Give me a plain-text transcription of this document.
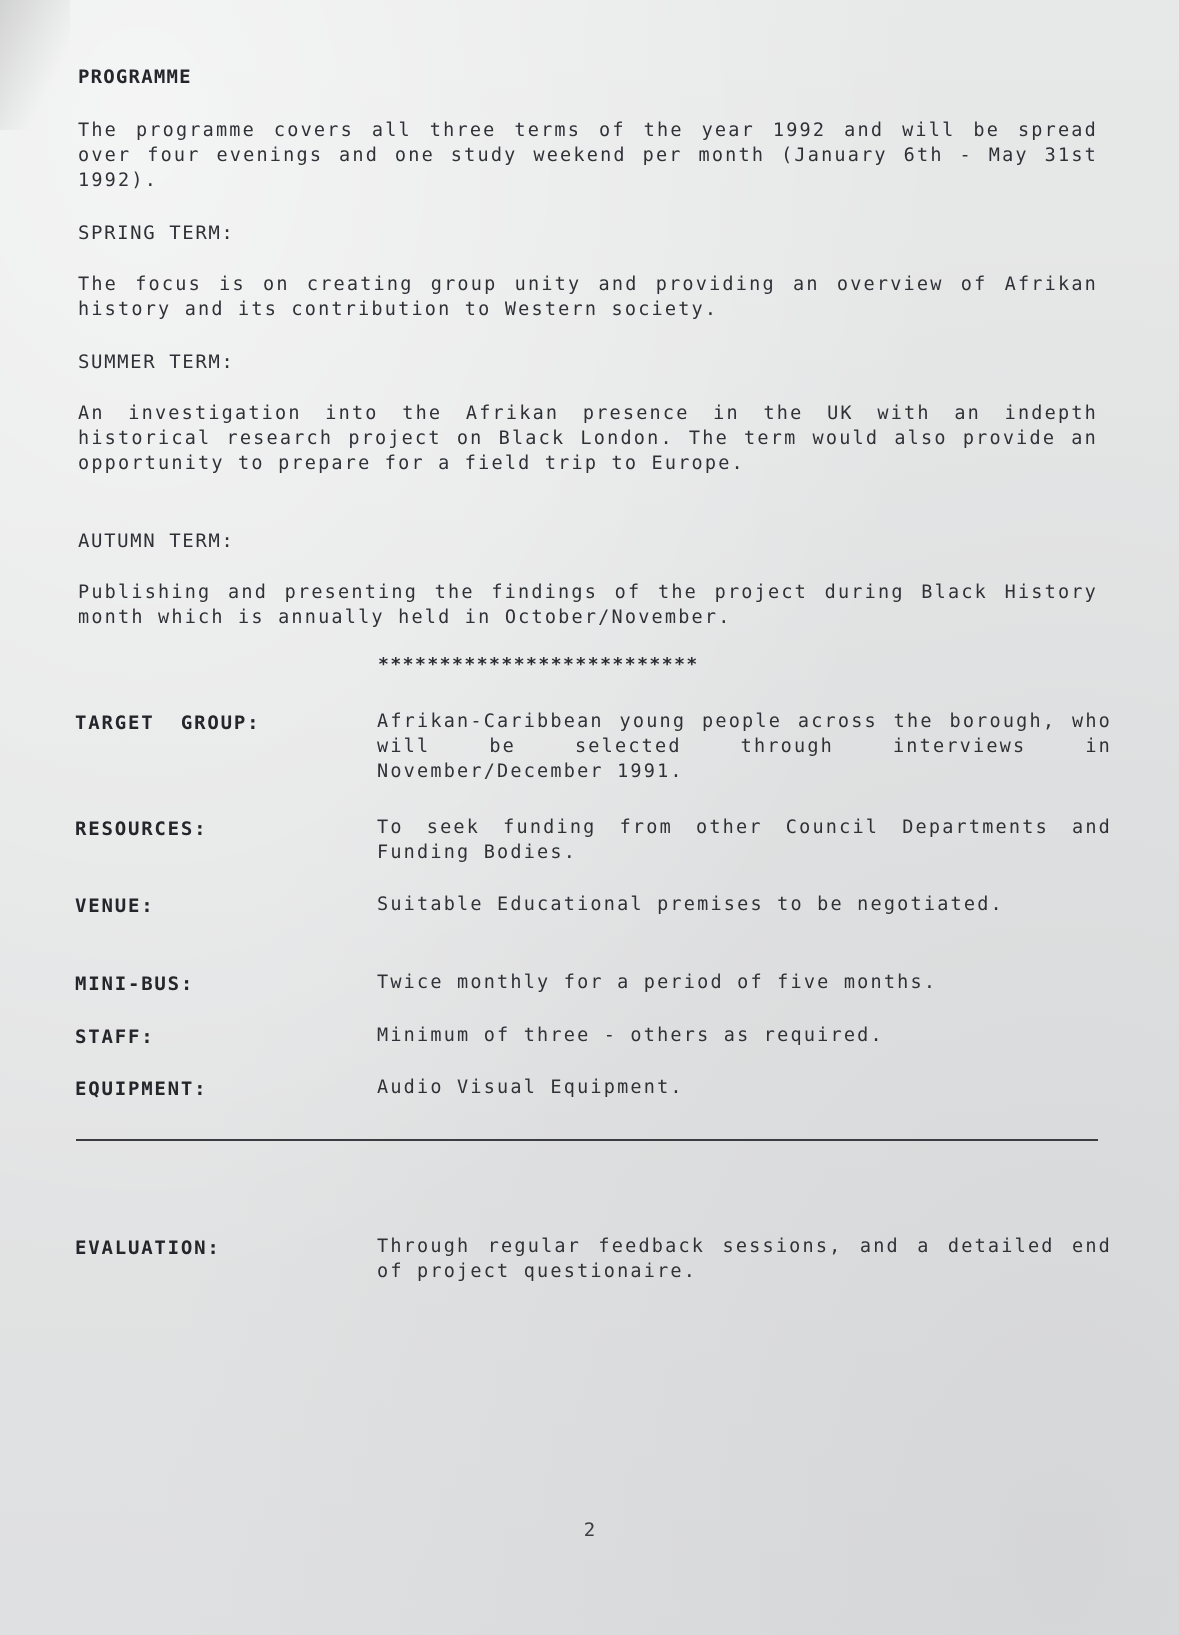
PROGRAMME

The programme covers all three terms of the year 1992 and will be spread over four evenings and one study weekend per month (January 6th - May 31st 1992).

SPRING TERM:

The focus is on creating group unity and providing an overview of Afrikan history and its contribution to Western society.

SUMMER TERM:

An investigation into the Afrikan presence in the UK with an indepth historical research project on Black London. The term would also provide an opportunity to prepare for a field trip to Europe.

AUTUMN TERM:

Publishing and presenting the findings of the project during Black History month which is annually held in October/November.

**************************
TARGET  GROUP:	Afrikan-Caribbean young people across the borough, who will be selected through interviews in November/December 1991.
RESOURCES:	To seek funding from other Council Departments and Funding Bodies.
VENUE:	Suitable Educational premises to be negotiated.
MINI-BUS:	Twice monthly for a period of five months.
STAFF:	Minimum of three - others as required.
EQUIPMENT:	Audio Visual Equipment.
EVALUATION:	Through regular feedback sessions, and a detailed end of project questionaire.
2
